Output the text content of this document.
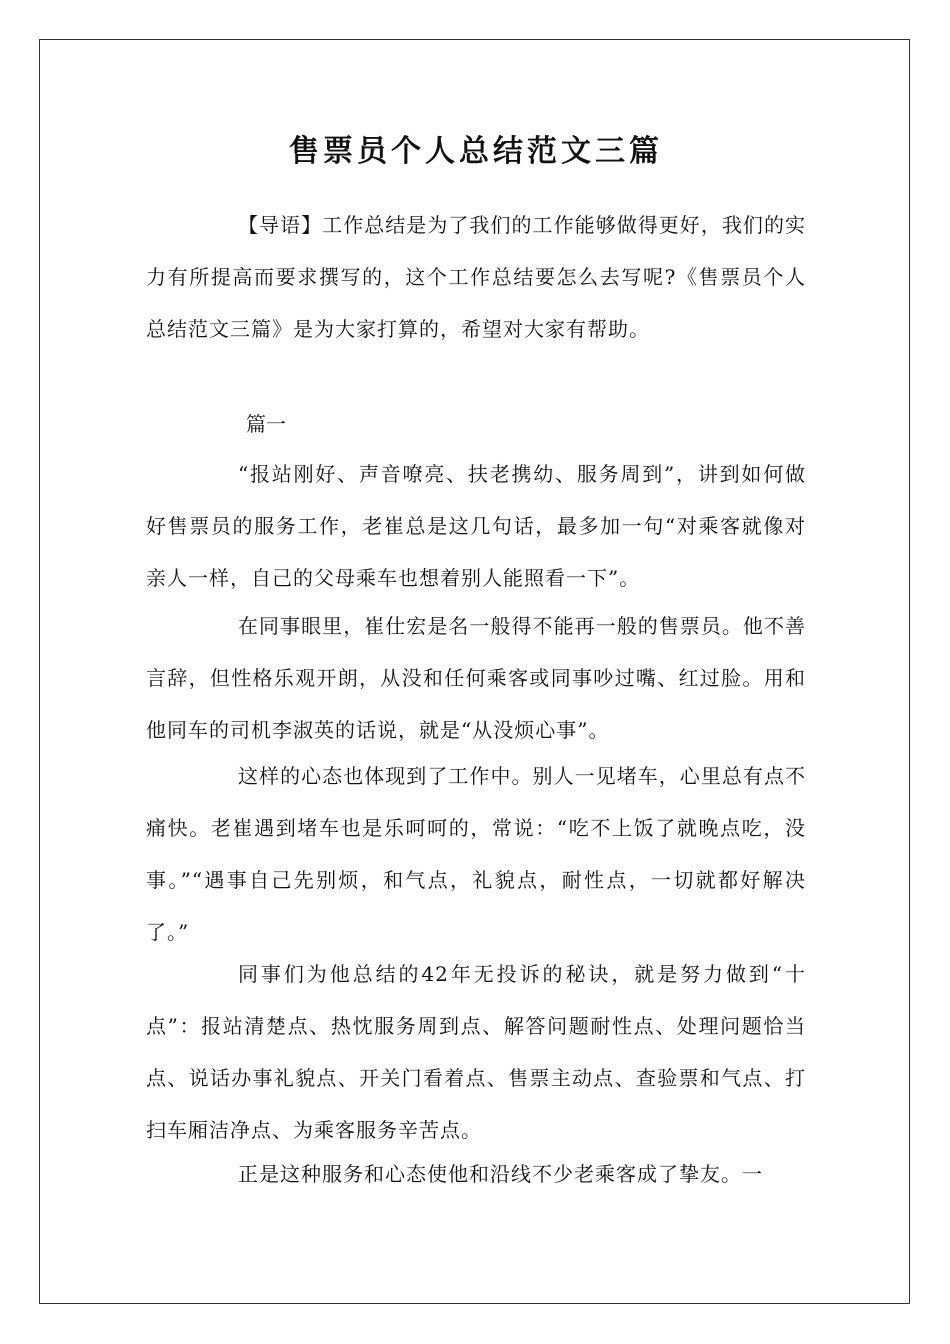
售票员个人总结范文三篇

【导语】工作总结是为了我们的工作能够做得更好，我们的实力有所提高而要求撰写的，这个工作总结要怎么去写呢?《售票员个人总结范文三篇》是为大家打算的，希望对大家有帮助。

篇一

“报站刚好、声音嘹亮、扶老携幼、服务周到”，讲到如何做好售票员的服务工作，老崔总是这几句话，最多加一句“对乘客就像对亲人一样，自己的父母乘车也想着别人能照看一下”。

在同事眼里，崔仕宏是名一般得不能再一般的售票员。他不善言辞，但性格乐观开朗，从没和任何乘客或同事吵过嘴、红过脸。用和他同车的司机李淑英的话说，就是“从没烦心事”。

这样的心态也体现到了工作中。别人一见堵车，心里总有点不痛快。老崔遇到堵车也是乐呵呵的，常说：“吃不上饭了就晚点吃，没事。”“遇事自己先别烦，和气点，礼貌点，耐性点，一切就都好解决了。”

同事们为他总结的42年无投诉的秘诀，就是努力做到“十点”：报站清楚点、热忱服务周到点、解答问题耐性点、处理问题恰当点、说话办事礼貌点、开关门看着点、售票主动点、查验票和气点、打扫车厢洁净点、为乘客服务辛苦点。

正是这种服务和心态使他和沿线不少老乘客成了挚友。一
